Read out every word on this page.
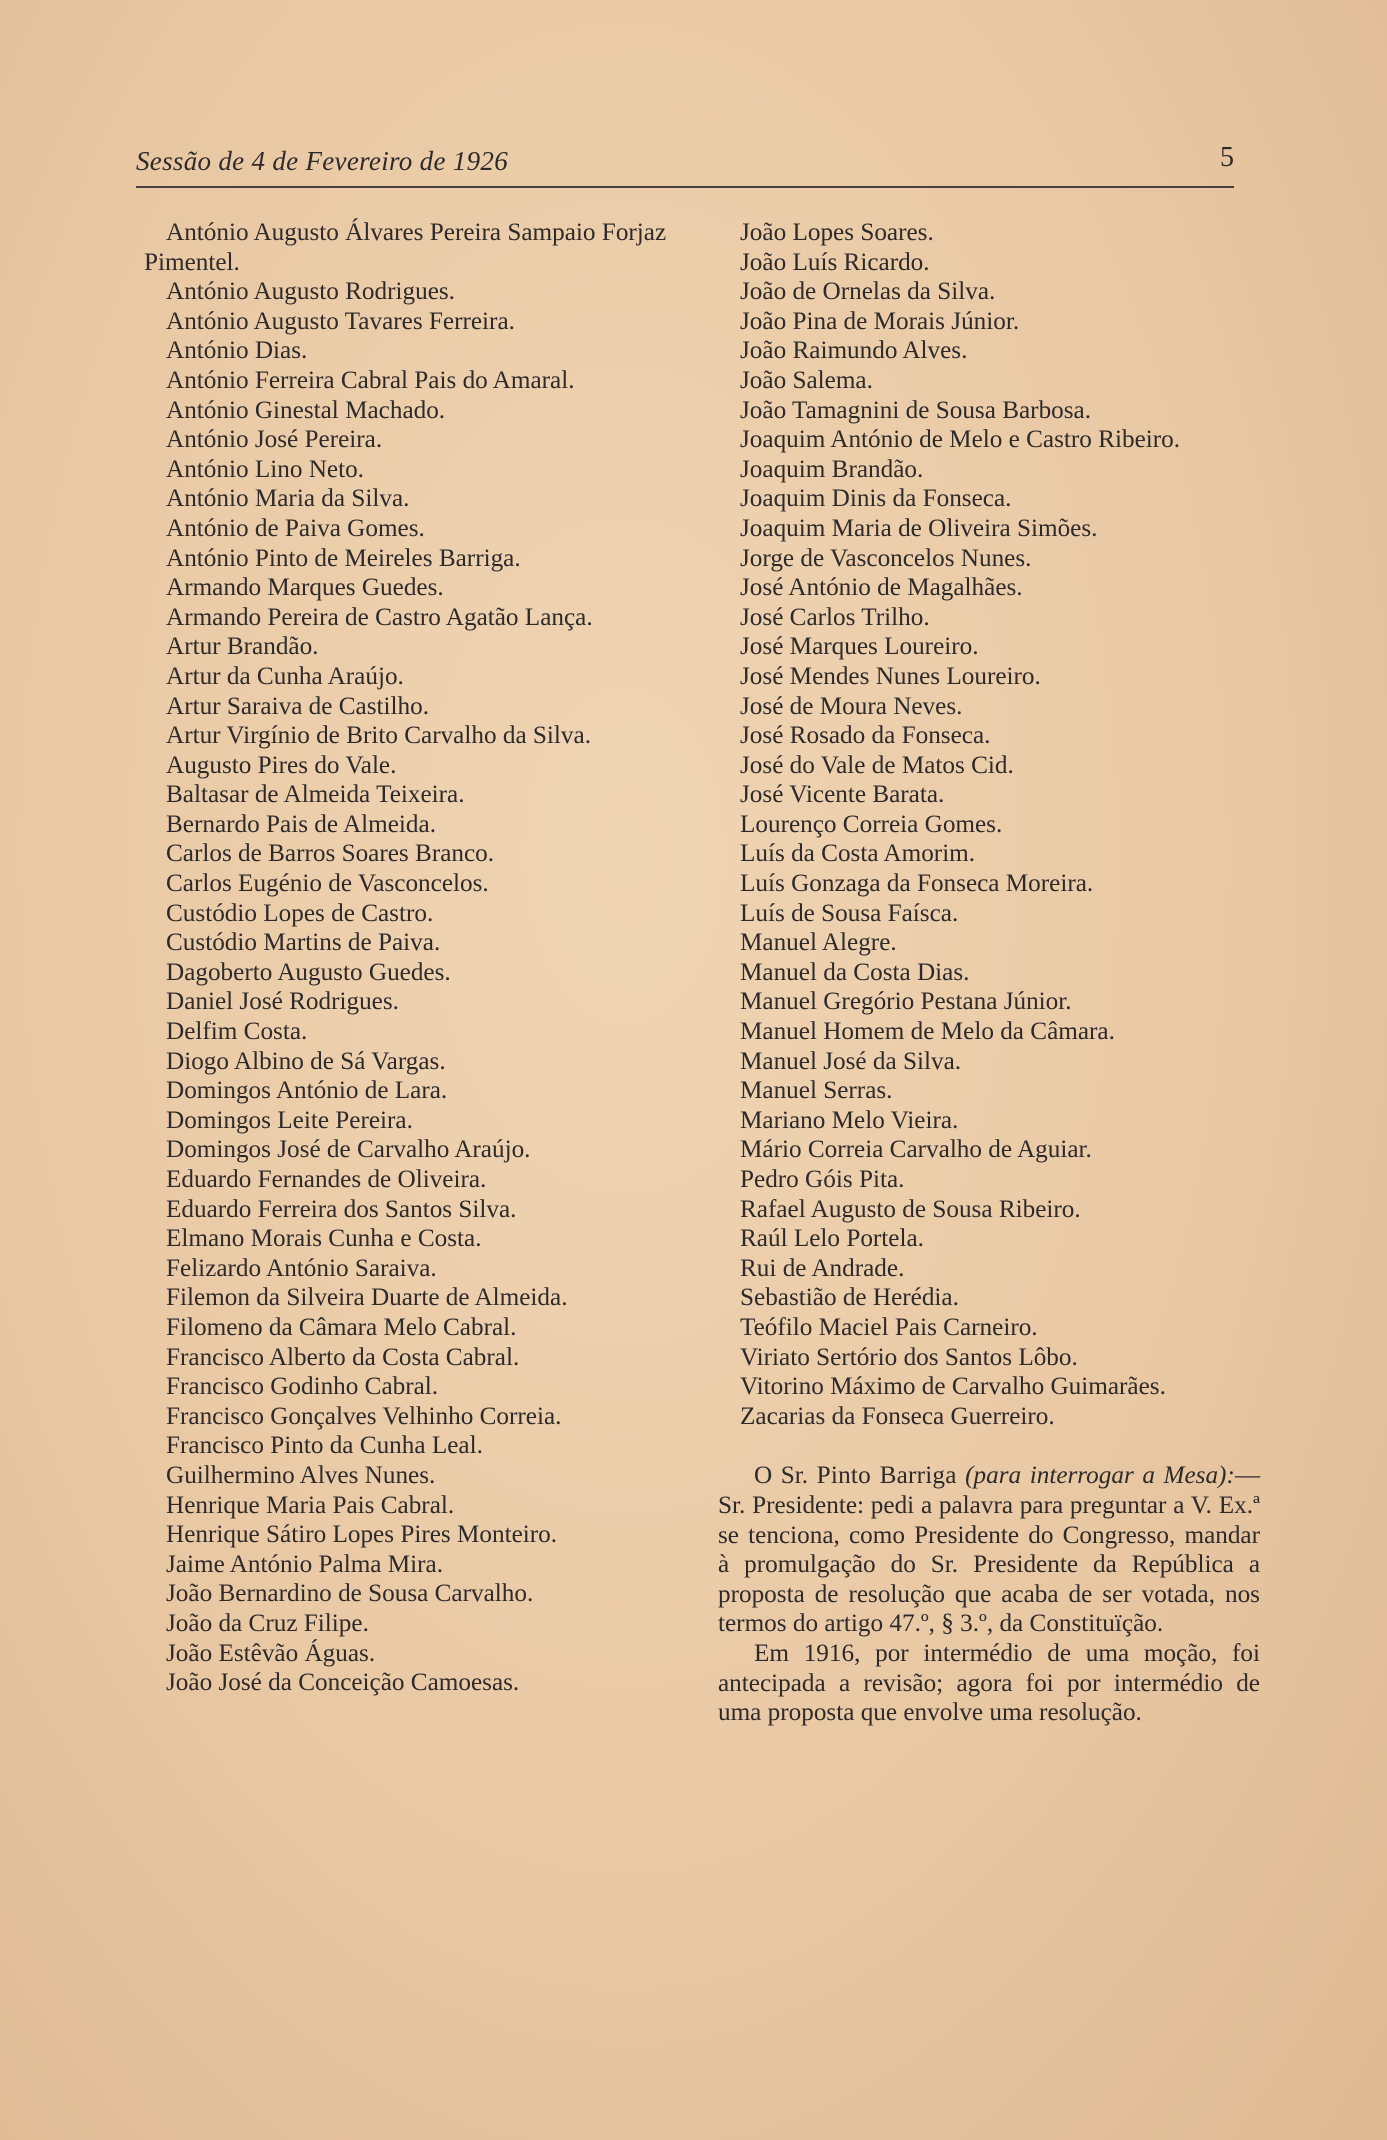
Sessão de 4 de Fevereiro de 1926	5

António Augusto Álvares Pereira Sampaio Forjaz Pimentel.

António Augusto Rodrigues.

António Augusto Tavares Ferreira.

António Dias.

António Ferreira Cabral Pais do Amaral.

António Ginestal Machado.

António José Pereira.

António Lino Neto.

António Maria da Silva.

António de Paiva Gomes.

António Pinto de Meireles Barriga.

Armando Marques Guedes.

Armando Pereira de Castro Agatão Lança.

Artur Brandão.

Artur da Cunha Araújo.

Artur Saraiva de Castilho.

Artur Virgínio de Brito Carvalho da Silva.

Augusto Pires do Vale.

Baltasar de Almeida Teixeira.

Bernardo Pais de Almeida.

Carlos de Barros Soares Branco.

Carlos Eugénio de Vasconcelos.

Custódio Lopes de Castro.

Custódio Martins de Paiva.

Dagoberto Augusto Guedes.

Daniel José Rodrigues.

Delfim Costa.

Diogo Albino de Sá Vargas.

Domingos António de Lara.

Domingos Leite Pereira.

Domingos José de Carvalho Araújo.

Eduardo Fernandes de Oliveira.

Eduardo Ferreira dos Santos Silva.

Elmano Morais Cunha e Costa.

Felizardo António Saraiva.

Filemon da Silveira Duarte de Almeida.

Filomeno da Câmara Melo Cabral.

Francisco Alberto da Costa Cabral.

Francisco Godinho Cabral.

Francisco Gonçalves Velhinho Correia.

Francisco Pinto da Cunha Leal.

Guilhermino Alves Nunes.

Henrique Maria Pais Cabral.

Henrique Sátiro Lopes Pires Monteiro.

Jaime António Palma Mira.

João Bernardino de Sousa Carvalho.

João da Cruz Filipe.

João Estêvão Águas.

João José da Conceição Camoesas.

João Lopes Soares.

João Luís Ricardo.

João de Ornelas da Silva.

João Pina de Morais Júnior.

João Raimundo Alves.

João Salema.

João Tamagnini de Sousa Barbosa.

Joaquim António de Melo e Castro Ribeiro.

Joaquim Brandão.

Joaquim Dinis da Fonseca.

Joaquim Maria de Oliveira Simões.

Jorge de Vasconcelos Nunes.

José António de Magalhães.

José Carlos Trilho.

José Marques Loureiro.

José Mendes Nunes Loureiro.

José de Moura Neves.

José Rosado da Fonseca.

José do Vale de Matos Cid.

José Vicente Barata.

Lourenço Correia Gomes.

Luís da Costa Amorim.

Luís Gonzaga da Fonseca Moreira.

Luís de Sousa Faísca.

Manuel Alegre.

Manuel da Costa Dias.

Manuel Gregório Pestana Júnior.

Manuel Homem de Melo da Câmara.

Manuel José da Silva.

Manuel Serras.

Mariano Melo Vieira.

Mário Correia Carvalho de Aguiar.

Pedro Góis Pita.

Rafael Augusto de Sousa Ribeiro.

Raúl Lelo Portela.

Rui de Andrade.

Sebastião de Herédia.

Teófilo Maciel Pais Carneiro.

Viriato Sertório dos Santos Lôbo.

Vitorino Máximo de Carvalho Guimarães.

Zacarias da Fonseca Guerreiro.

O Sr. Pinto Barriga (para interrogar a Mesa):— Sr. Presidente: pedi a palavra para preguntar a V. Ex.ª se tenciona, como Presidente do Congresso, mandar à promulgação do Sr. Presidente da República a proposta de resolução que acaba de ser votada, nos termos do artigo 47.º, § 3.º, da Constituïção.

Em 1916, por intermédio de uma moção, foi antecipada a revisão; agora foi por intermédio de uma proposta que envolve uma resolução.
